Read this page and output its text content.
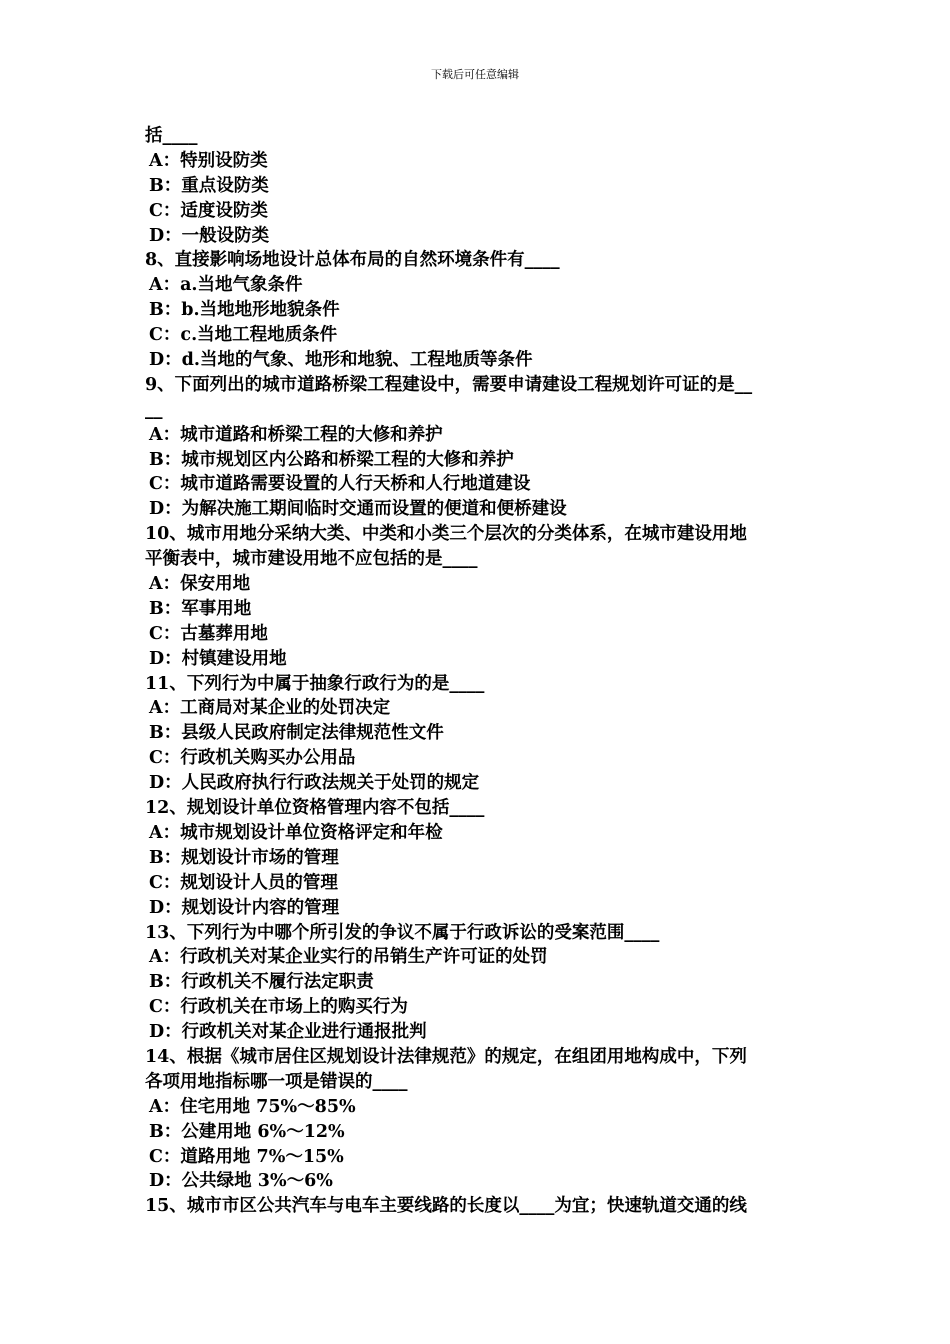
下载后可任意编辑
括____
A：特别设防类
B：重点设防类
C：适度设防类
D：一般设防类
8、直接影响场地设计总体布局的自然环境条件有____
A：a.当地气象条件
B：b.当地地形地貌条件
C：c.当地工程地质条件
D：d.当地的气象、地形和地貌、工程地质等条件
9、下面列出的城市道路桥梁工程建设中，需要申请建设工程规划许可证的是__
__
A：城市道路和桥梁工程的大修和养护
B：城市规划区内公路和桥梁工程的大修和养护
C：城市道路需要设置的人行天桥和人行地道建设
D：为解决施工期间临时交通而设置的便道和便桥建设
10、城市用地分采纳大类、中类和小类三个层次的分类体系，在城市建设用地
平衡表中，城市建设用地不应包括的是____
A：保安用地
B：军事用地
C：古墓葬用地
D：村镇建设用地
11、下列行为中属于抽象行政行为的是____
A：工商局对某企业的处罚决定
B：县级人民政府制定法律规范性文件
C：行政机关购买办公用品
D：人民政府执行行政法规关于处罚的规定
12、规划设计单位资格管理内容不包括____
A：城市规划设计单位资格评定和年检
B：规划设计市场的管理
C：规划设计人员的管理
D：规划设计内容的管理
13、下列行为中哪个所引发的争议不属于行政诉讼的受案范围____
A：行政机关对某企业实行的吊销生产许可证的处罚
B：行政机关不履行法定职责
C：行政机关在市场上的购买行为
D：行政机关对某企业进行通报批判
14、根据《城市居住区规划设计法律规范》的规定，在组团用地构成中，下列
各项用地指标哪一项是错误的____
A：住宅用地 75%～85%
B：公建用地 6%～12%
C：道路用地 7%～15%
D：公共绿地 3%～6%
15、城市市区公共汽车与电车主要线路的长度以____为宜；快速轨道交通的线
